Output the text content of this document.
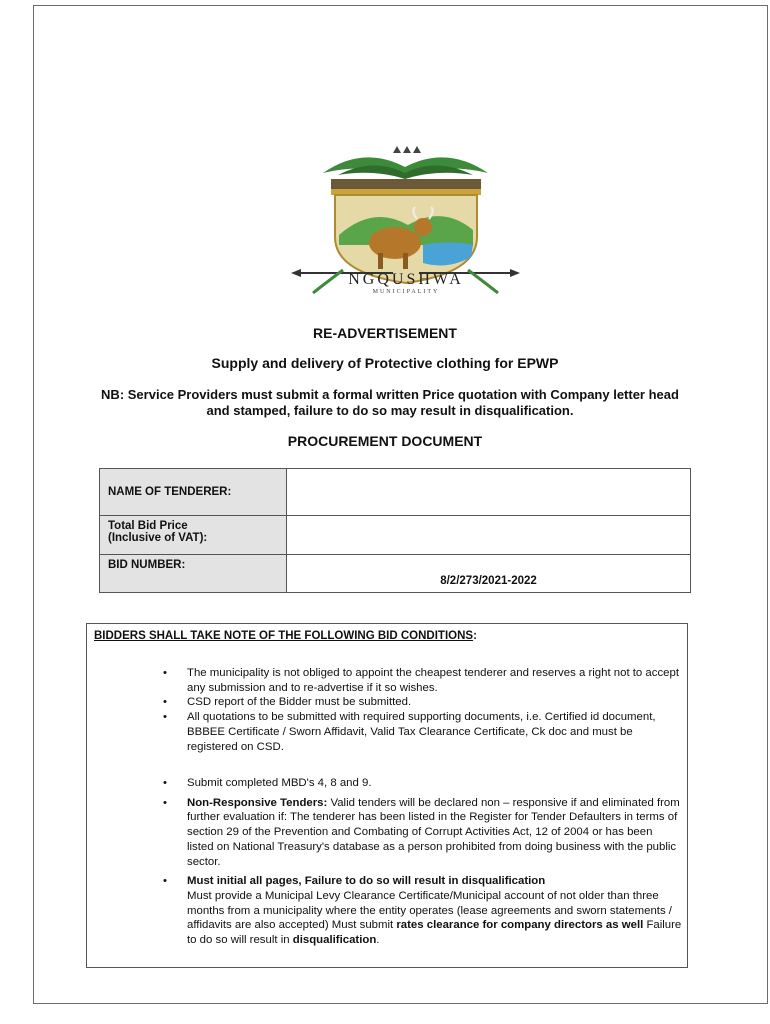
NGQUSHWA
MUNICIPALITY
RE-ADVERTISEMENT
Supply and delivery of Protective clothing for EPWP
NB: Service Providers must submit a formal written Price quotation with Company letter head and stamped, failure to do so may result in disqualification.
PROCUREMENT DOCUMENT
NAME OF TENDERER:	
Total Bid Price
(Inclusive of VAT):	
BID NUMBER:	8/2/273/2021-2022
BIDDERS SHALL TAKE NOTE OF THE FOLLOWING BID CONDITIONS:
• The municipality is not obliged to appoint the cheapest tenderer and reserves a right not to accept any submission and to re-advertise if it so wishes.
• CSD report of the Bidder must be submitted.
• All quotations to be submitted with required supporting documents, i.e. Certified id document, BBBEE Certificate / Sworn Affidavit, Valid Tax Clearance Certificate, Ck doc and must be registered on CSD.
• Submit completed MBD's 4, 8 and 9.
• Non-Responsive Tenders: Valid tenders will be declared non – responsive if and eliminated from further evaluation if: The tenderer has been listed in the Register for Tender Defaulters in terms of section 29 of the Prevention and Combating of Corrupt Activities Act, 12 of 2004 or has been listed on National Treasury's database as a person prohibited from doing business with the public sector.
• Must initial all pages, Failure to do so will result in disqualification
Must provide a Municipal Levy Clearance Certificate/Municipal account of not older than three months from a municipality where the entity operates (lease agreements and sworn statements / affidavits are also accepted) Must submit rates clearance for company directors as well Failure to do so will result in disqualification.
